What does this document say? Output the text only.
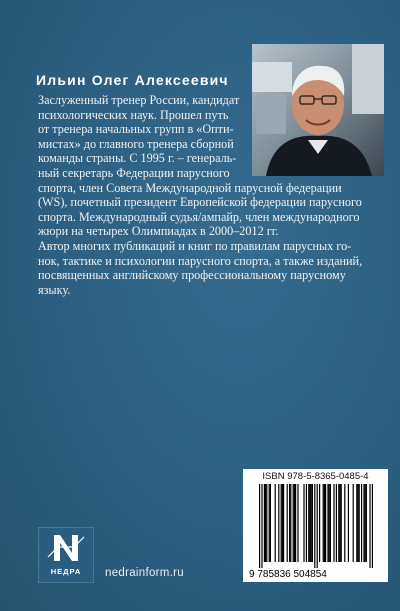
Ильин Олег Алексеевич

Заслуженный тренер России, кандидат

психологических наук. Прошел путь

от тренера начальных групп в «Опти-

мистах» до главного тренера сборной

команды страны. С 1995 г. – генераль-

ный секретарь Федерации парусного

спорта, член Совета Международной парусной федерации

(WS), почетный президент Европейской федерации парусного

спорта. Международный судья/ампайр, член международного

жюри на четырех Олимпиадах в 2000–2012 гг.

Автор многих публикаций и книг по правилам парусных го-

нок, тактике и психологии парусного спорта, а также изданий,

посвященных английскому профессиональному парусному

языку.

ISBN 978-5-8365-0485-4
9 785836 504854
НЕДРА	nedrainform.ru
